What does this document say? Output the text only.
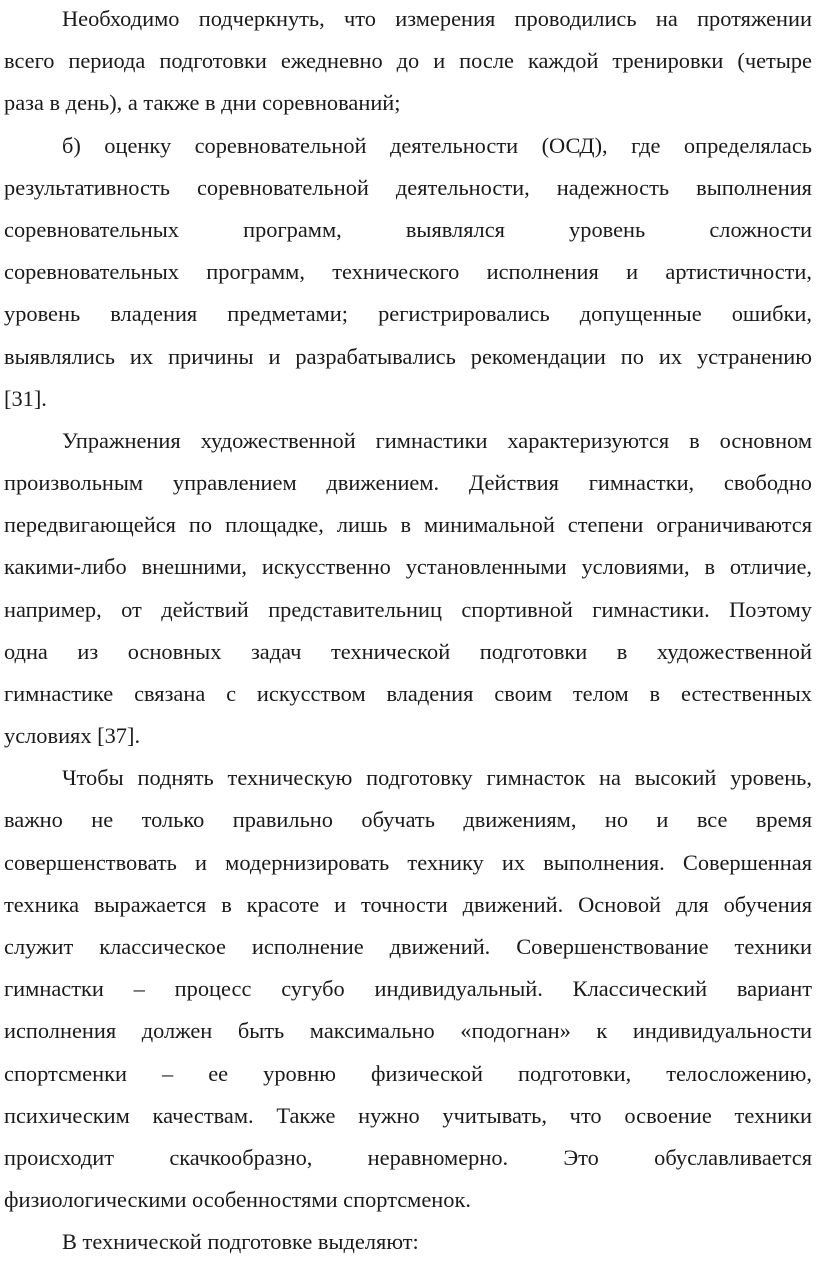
Необходимо подчеркнуть, что измерения проводились на протяжении
всего периода подготовки ежедневно до и после каждой тренировки (четыре
раза в день), а также в дни соревнований;
б) оценку соревновательной деятельности (ОСД), где определялась
результативность соревновательной деятельности, надежность выполнения
соревновательных программ, выявлялся уровень сложности
соревновательных программ, технического исполнения и артистичности,
уровень владения предметами; регистрировались допущенные ошибки,
выявлялись их причины и разрабатывались рекомендации по их устранению
[31].
Упражнения художественной гимнастики характеризуются в основном
произвольным управлением движением. Действия гимнастки, свободно
передвигающейся по площадке, лишь в минимальной степени ограничиваются
какими-либо внешними, искусственно установленными условиями, в отличие,
например, от действий представительниц спортивной гимнастики. Поэтому
одна из основных задач технической подготовки в художественной
гимнастике связана с искусством владения своим телом в естественных
условиях [37].
Чтобы поднять техническую подготовку гимнасток на высокий уровень,
важно не только правильно обучать движениям, но и все время
совершенствовать и модернизировать технику их выполнения. Совершенная
техника выражается в красоте и точности движений. Основой для обучения
служит классическое исполнение движений. Совершенствование техники
гимнастки – процесс сугубо индивидуальный. Классический вариант
исполнения должен быть максимально «подогнан» к индивидуальности
спортсменки – ее уровню физической подготовки, телосложению,
психическим качествам. Также нужно учитывать, что освоение техники
происходит скачкообразно, неравномерно. Это обуславливается
физиологическими особенностями спортсменок.
В технической подготовке выделяют:
